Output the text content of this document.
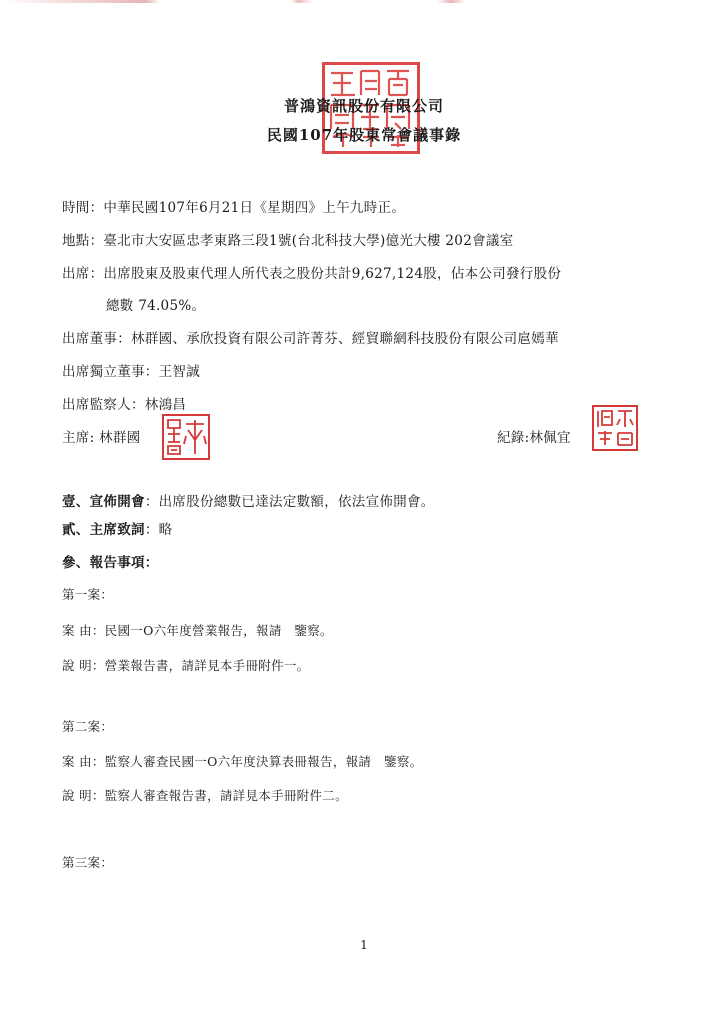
普鴻資訊股份有限公司
民國107年股東常會議事錄
時間：中華民國107年6月21日《星期四》上午九時正。
地點：臺北市大安區忠孝東路三段1號(台北科技大學)億光大樓 202會議室
出席：出席股東及股東代理人所代表之股份共計9,627,124股，佔本公司發行股份
總數 74.05%。
出席董事：林群國、承欣投資有限公司許菁芬、經貿聯網科技股份有限公司扈嫣華
出席獨立董事：王智誠
出席監察人：林鴻昌
主席: 林群國	紀錄:林佩宜
壹、宣佈開會：出席股份總數已達法定數額，依法宣佈開會。
貳、主席致詞：略
參、報告事項：
第一案：
案 由：民國一O六年度營業報告，報請　鑒察。
說 明：營業報告書，請詳見本手冊附件一。
第二案：
案 由：監察人審查民國一O六年度決算表冊報告，報請　鑒察。
說 明：監察人審查報告書，請詳見本手冊附件二。
第三案：
1
